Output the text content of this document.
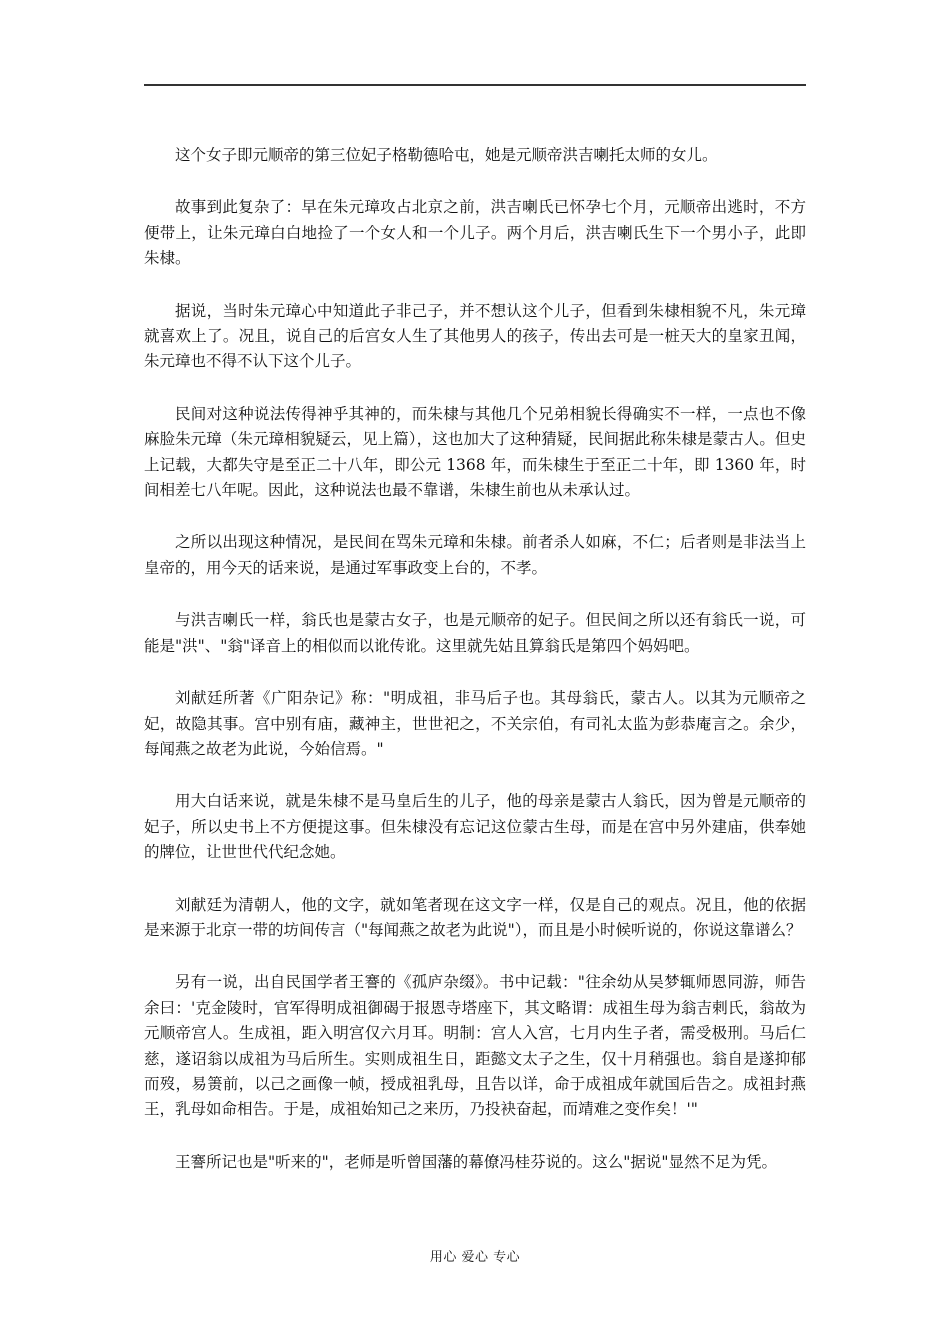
这个女子即元顺帝的第三位妃子格勒德哈屯，她是元顺帝洪吉喇托太师的女儿。

故事到此复杂了：早在朱元璋攻占北京之前，洪吉喇氏已怀孕七个月，元顺帝出逃时，不方便带上，让朱元璋白白地捡了一个女人和一个儿子。两个月后，洪吉喇氏生下一个男小子，此即朱棣。

据说，当时朱元璋心中知道此子非己子，并不想认这个儿子，但看到朱棣相貌不凡，朱元璋就喜欢上了。况且，说自己的后宫女人生了其他男人的孩子，传出去可是一桩天大的皇家丑闻，朱元璋也不得不认下这个儿子。

民间对这种说法传得神乎其神的，而朱棣与其他几个兄弟相貌长得确实不一样，一点也不像麻脸朱元璋（朱元璋相貌疑云，见上篇），这也加大了这种猜疑，民间据此称朱棣是蒙古人。但史上记载，大都失守是至正二十八年，即公元 1368 年，而朱棣生于至正二十年，即 1360 年，时间相差七八年呢。因此，这种说法也最不靠谱，朱棣生前也从未承认过。

之所以出现这种情况，是民间在骂朱元璋和朱棣。前者杀人如麻，不仁；后者则是非法当上皇帝的，用今天的话来说，是通过军事政变上台的，不孝。

与洪吉喇氏一样，翁氏也是蒙古女子，也是元顺帝的妃子。但民间之所以还有翁氏一说，可能是"洪"、"翁"译音上的相似而以讹传讹。这里就先姑且算翁氏是第四个妈妈吧。

刘献廷所著《广阳杂记》称："明成祖，非马后子也。其母翁氏，蒙古人。以其为元顺帝之妃，故隐其事。宫中别有庙，藏神主，世世祀之，不关宗伯，有司礼太监为彭恭庵言之。余少，每闻燕之故老为此说，今始信焉。"

用大白话来说，就是朱棣不是马皇后生的儿子，他的母亲是蒙古人翁氏，因为曾是元顺帝的妃子，所以史书上不方便提这事。但朱棣没有忘记这位蒙古生母，而是在宫中另外建庙，供奉她的牌位，让世世代代纪念她。

刘献廷为清朝人，他的文字，就如笔者现在这文字一样，仅是自己的观点。况且，他的依据是来源于北京一带的坊间传言（"每闻燕之故老为此说"），而且是小时候听说的，你说这靠谱么？

另有一说，出自民国学者王謇的《孤庐杂缀》。书中记载："往余幼从吴梦辄师恩同游，师告余曰：'克金陵时，官军得明成祖御碣于报恩寺塔座下，其文略谓：成祖生母为翁吉剌氏，翁故为元顺帝宫人。生成祖，距入明宫仅六月耳。明制：宫人入宫，七月内生子者，需受极刑。马后仁慈，遂诏翁以成祖为马后所生。实则成祖生日，距懿文太子之生，仅十月稍强也。翁自是遂抑郁而歿，易箦前，以己之画像一帧，授成祖乳母，且告以详，命于成祖成年就国后告之。成祖封燕王，乳母如命相告。于是，成祖始知己之来历，乃投袂奋起，而靖难之变作矣！'"

王謇所记也是"听来的"，老师是听曾国藩的幕僚冯桂芬说的。这么"据说"显然不足为凭。

用心 爱心 专心
